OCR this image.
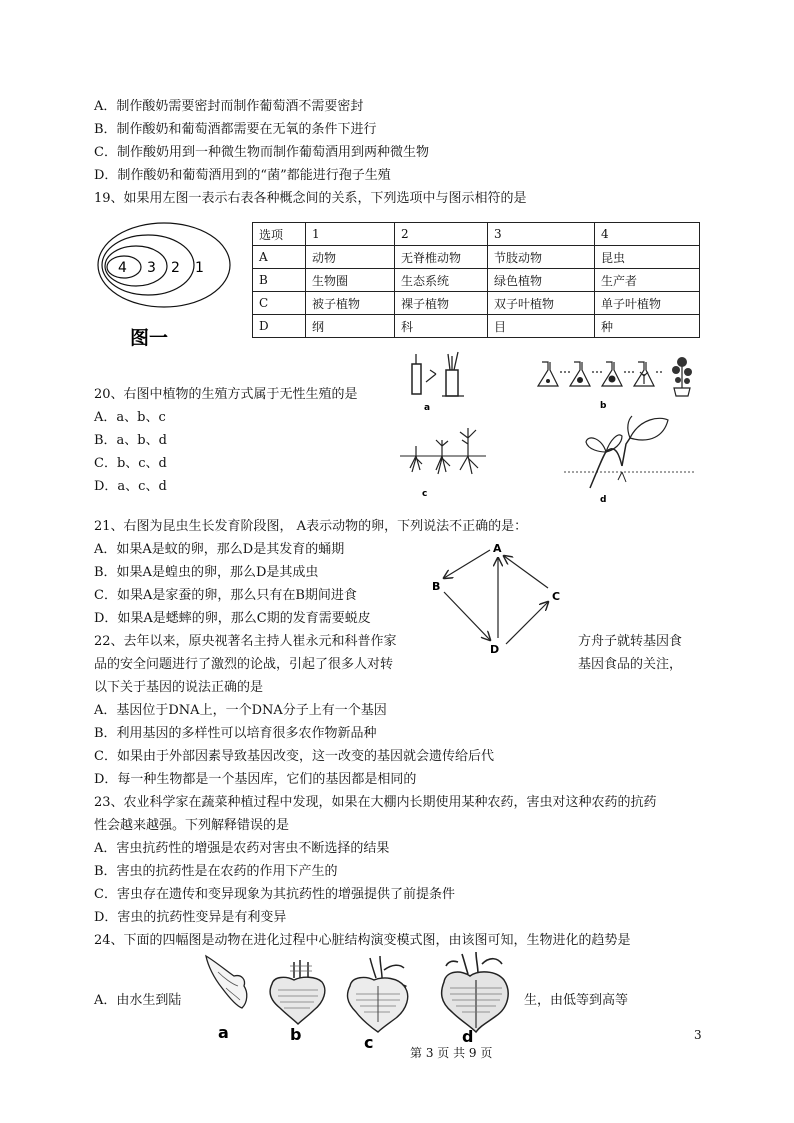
A．制作酸奶需要密封而制作葡萄酒不需要密封
B．制作酸奶和葡萄酒都需要在无氧的条件下进行
C．制作酸奶用到一种微生物而制作葡萄酒用到两种微生物
D．制作酸奶和葡萄酒用到的“菌”都能进行孢子生殖
19、如果用左图一表示右表各种概念间的关系，下列选项中与图示相符的是
4 3 2 1
图一
选项	1	2	3	4
A	动物	无脊椎动物	节肢动物	昆虫
B	生物圈	生态系统	绿色植物	生产者
C	被子植物	裸子植物	双子叶植物	单子叶植物
D	纲	科	目	种
20、右图中植物的生殖方式属于无性生殖的是
A．a、b、c
B．a、b、d
C．b、c、d
D．a、c、d
a	b
c
d
21、右图为昆虫生长发育阶段图， A表示动物的卵，下列说法不正确的是：
A．如果A是蚊的卵，那么D是其发育的蛹期
B．如果A是蝗虫的卵，那么D是其成虫
C．如果A是家蚕的卵，那么只有在B期间进食
D．如果A是蟋蟀的卵，那么C期的发育需要蜕皮
A
B
C
D
22、去年以来，原央视著名主持人崔永元和科普作家	方舟子就转基因食
品的安全问题进行了激烈的论战，引起了很多人对转	基因食品的关注，
以下关于基因的说法正确的是
A．基因位于DNA上，一个DNA分子上有一个基因
B．利用基因的多样性可以培育很多农作物新品种
C．如果由于外部因素导致基因改变，这一改变的基因就会遗传给后代
D．每一种生物都是一个基因库，它们的基因都是相同的
23、农业科学家在蔬菜种植过程中发现，如果在大棚内长期使用某种农药，害虫对这种农药的抗药
性会越来越强。下列解释错误的是
A．害虫抗药性的增强是农药对害虫不断选择的结果
B．害虫的抗药性是在农药的作用下产生的
C．害虫存在遗传和变异现象为其抗药性的增强提供了前提条件
D．害虫的抗药性变异是有利变异
24、下面的四幅图是动物在进化过程中心脏结构演变模式图，由该图可知，生物进化的趋势是
A．由水生到陆	生，由低等到高等
a	b	c	d	3
第 3 页 共 9 页
